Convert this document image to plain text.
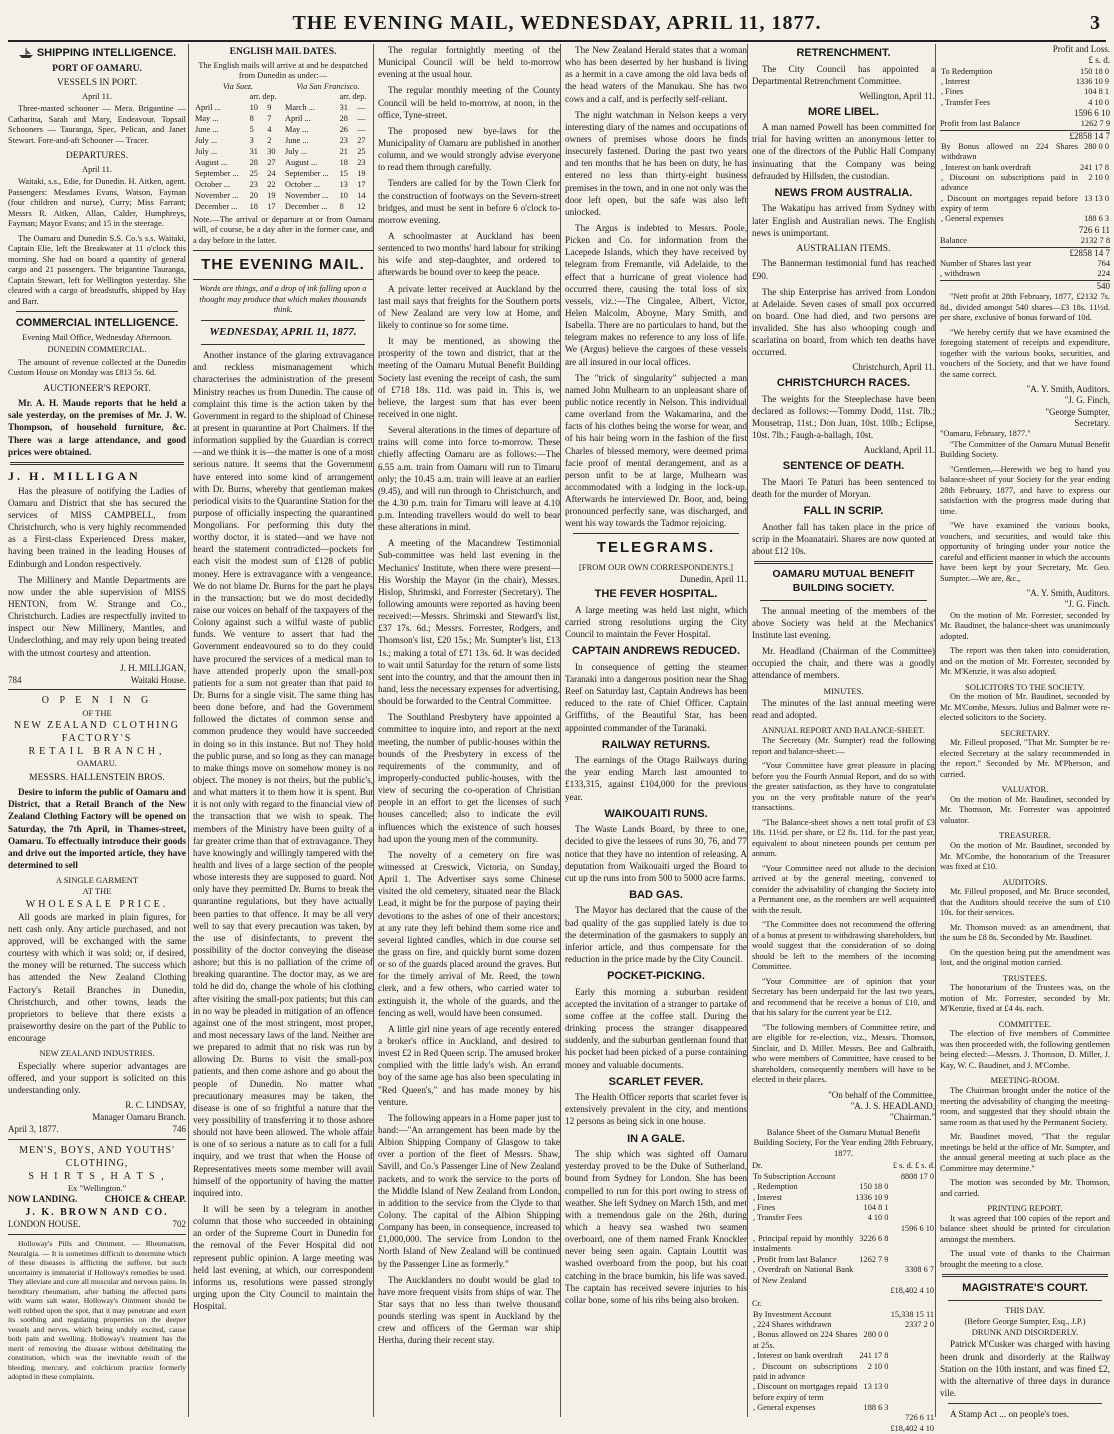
THE EVENING MAIL, WEDNESDAY, APRIL 11, 1877.	3
SHIPPING INTELLIGENCE.
PORT OF OAMARU.
VESSELS IN PORT.
April 11.

Three-masted schooner — Mera. Brigantine — Catharina, Sarah and Mary, Endeavour. Topsail Schooners — Tauranga, Spec, Pelican, and Janet Stewart. Fore-and-aft Schooner — Tracer.

DEPARTURES.
April 11.

Waitaki, s.s., Edie, for Dunedin. H. Aitken, agent. Passengers: Mesdames Evans, Watson, Fayman (four children and nurse), Curry; Miss Farrant; Messrs R. Aitken, Allan, Calder, Humphreys, Fayman; Mayor Evans; and 15 in the steerage.

The Oamaru and Dunedin S.S. Co.'s s.s. Waitaki, Captain Elie, left the Breakwater at 11 o'clock this morning. She had on board a quantity of general cargo and 21 passengers. The brigantine Tauranga, Captain Stewart, left for Wellington yesterday. She cleared with a cargo of breadstuffs, shipped by Hay and Barr.

COMMERCIAL INTELLIGENCE.
Evening Mail Office, Wednesday Afternoon.
DUNEDIN COMMERCIAL.

The amount of revenue collected at the Dunedin Custom House on Monday was £813 5s. 6d.

AUCTIONEER'S REPORT.

Mr. A. H. Maude reports that he held a sale yesterday, on the premises of Mr. J. W. Thompson, of household furniture, &c. There was a large attendance, and good prices were obtained.

J. H. MILLIGAN

Has the pleasure of notifying the Ladies of Oamaru and District that she has secured the services of MISS CAMPBELL, from Christchurch, who is very highly recommended as a First-class Experienced Dress maker, having been trained in the leading Houses of Edinburgh and London respectively.

The Millinery and Mantle Departments are now under the able supervision of MISS HENTON, from W. Strange and Co., Christchurch. Ladies are respectfully invited to inspect our New Millinery, Mantles, and Underclothing, and may rely upon being treated with the utmost courtesy and attention.

J. H. MILLIGAN,
784	Waitaki House.
O P E N I N G
OF THE
NEW ZEALAND CLOTHING FACTORY'S
RETAIL BRANCH,
OAMARU.
MESSRS. HALLENSTEIN BROS.

Desire to inform the public of Oamaru and District, that a Retail Branch of the New Zealand Clothing Factory will be opened on Saturday, the 7th April, in Thames-street, Oamaru. To effectually introduce their goods and drive out the imported article, they have determined to sell

A SINGLE GARMENT
AT THE
WHOLESALE PRICE.

All goods are marked in plain figures, for nett cash only. Any article purchased, and not approved, will be exchanged with the same courtesy with which it was sold; or, if desired, the money will be returned. The success which has attended the New Zealand Clothing Factory's Retail Branches in Dunedin, Christchurch, and other towns, leads the proprietors to believe that there exists a praiseworthy desire on the part of the Public to encourage

NEW ZEALAND INDUSTRIES.

Especially where superior advantages are offered, and your support is solicited on this understanding only.

R. C. LINDSAY,
Manager Oamaru Branch.
April 3, 1877.	746
MEN'S, BOYS, AND YOUTHS' CLOTHING,
S H I R T S , H A T S ,
Ex "Wellington."
NOW LANDING.	CHOICE & CHEAP.
J. K. BROWN AND CO.
LONDON HOUSE.	702

Holloway's Pills and Ointment. — Rheumatism, Neuralgia. — It is sometimes difficult to determine which of these diseases is afflicting the sufferer, but such uncertainty is immaterial if Holloway's remedies be used. They alleviate and cure all muscular and nervous pains. In hereditary rheumatism, after bathing the affected parts with warm salt water, Holloway's Ointment should be well rubbed upon the spot, that it may penetrate and exert its soothing and regulating properties on the deeper vessels and nerves, which being unduly excited, cause both pain and swelling. Holloway's treatment has the merit of removing the disease without debilitating the constitution, which was the inevitable result of the bleeding, mercury, and colchicum practice formerly adopted in these complaints.

ENGLISH MAIL DATES.
The English mails will arrive at and be despatched from Dunedin as under:—
Via Suez.			Via San Francisco.		
	arr. dep.			arr. dep.	
April ...	10	9	March ...	31	—
May ...	8	7	April ...	28	—
June ...	5	4	May ...	26	—
July ...	3	2	June ...	23	27
July ...	31	30	July ...	21	25
August ...	28	27	August ...	18	23
September ...	25	24	September ...	15	19
October ...	23	22	October ...	13	17
November ...	20	19	November ...	10	14
December ...	18	17	December ...	8	12
Note.—The arrival or departure at or from Oamaru will, of course, be a day after in the former case, and a day before in the latter.
THE EVENING MAIL.
Words are things, and a drop of ink falling upon a thought may produce that which makes thousands think.
WEDNESDAY, APRIL 11, 1877.

Another instance of the glaring extravagance and reckless mismanagement which characterises the administration of the present Ministry reaches us from Dunedin. The cause of complaint this time is the action taken by the Government in regard to the shipload of Chinese at present in quarantine at Port Chalmers. If the information supplied by the Guardian is correct—and we think it is—the matter is one of a most serious nature. It seems that the Government have entered into some kind of arrangement with Dr. Burns, whereby that gentleman makes periodical visits to the Quarantine Station for the purpose of officially inspecting the quarantined Mongolians. For performing this duty the worthy doctor, it is stated—and we have not heard the statement contradicted—pockets for each visit the modest sum of £128 of public money. Here is extravagance with a vengeance. We do not blame Dr. Burns for the part he plays in the transaction; but we do most decidedly raise our voices on behalf of the taxpayers of the Colony against such a wilful waste of public funds. We venture to assert that had the Government endeavoured so to do they could have procured the services of a medical man to have attended properly upon the small-pox patients for a sum not greater than that paid to Dr. Burns for a single visit. The same thing has been done before, and had the Government followed the dictates of common sense and common prudence they would have succeeded in doing so in this instance. But no! They hold the public purse, and so long as they can manage to make things move on somehow money is no object. The money is not theirs, but the public's, and what matters it to them how it is spent. But it is not only with regard to the financial view of the transaction that we wish to speak. The members of the Ministry have been guilty of a far greater crime than that of extravagance. They have knowingly and willingly tampered with the health and lives of a large section of the people whose interests they are supposed to guard. Not only have they permitted Dr. Burns to break the quarantine regulations, but they have actually been parties to that offence. It may be all very well to say that every precaution was taken, by the use of disinfectants, to prevent the possibility of the doctor conveying the disease ashore; but this is no palliation of the crime of breaking quarantine. The doctor may, as we are told he did do, change the whole of his clothing after visiting the small-pox patients; but this can in no way be pleaded in mitigation of an offence against one of the most stringent, most proper, and most necessary laws of the land. Neither are we prepared to admit that no risk was run by allowing Dr. Burns to visit the small-pox patients, and then come ashore and go about the people of Dunedin. No matter what precautionary measures may be taken, the disease is one of so frightful a nature that the very possibility of transferring it to those ashore should not have been allowed. The whole affair is one of so serious a nature as to call for a full inquiry, and we trust that when the House of Representatives meets some member will avail himself of the opportunity of having the matter inquired into.

It will be seen by a telegram in another column that those who succeeded in obtaining an order of the Supreme Court in Dunedin for the removal of the Fever Hospital did not represent public opinion. A large meeting was held last evening, at which, our correspondent informs us, resolutions were passed strongly urging upon the City Council to maintain the Hospital.

The regular fortnightly meeting of the Municipal Council will be held to-morrow evening at the usual hour.

The regular monthly meeting of the County Council will be held to-morrow, at noon, in the office, Tyne-street.

The proposed new bye-laws for the Municipality of Oamaru are published in another column, and we would strongly advise everyone to read them through carefully.

Tenders are called for by the Town Clerk for the construction of footways on the Severn-street bridges, and must be sent in before 6 o'clock to-morrow evening.

A schoolmaster at Auckland has been sentenced to two months' hard labour for striking his wife and step-daughter, and ordered to afterwards be bound over to keep the peace.

A private letter received at Auckland by the last mail says that freights for the Southern ports of New Zealand are very low at Home, and likely to continue so for some time.

It may be mentioned, as showing the prosperity of the town and district, that at the meeting of the Oamaru Mutual Benefit Building Society last evening the receipt of cash, the sum of £718 18s. 11d. was paid in. This is, we believe, the largest sum that has ever been received in one night.

Several alterations in the times of departure of trains will come into force to-morrow. These chiefly affecting Oamaru are as follows:—The 6.55 a.m. train from Oamaru will run to Timaru only; the 10.45 a.m. train will leave at an earlier (9.45), and will run through to Christchurch, and the 4.30 p.m. train for Timaru will leave at 4.10 p.m. Intending travellers would do well to bear these alterations in mind.

A meeting of the Macandrew Testimonial Sub-committee was held last evening in the Mechanics' Institute, when there were present—His Worship the Mayor (in the chair), Messrs. Hislop, Shrimski, and Forrester (Secretary). The following amounts were reported as having been received:—Messrs. Shrimski and Steward's list, £37 17s. 6d.; Messrs. Forrester, Rodgers, and Thomson's list, £20 15s.; Mr. Sumpter's list, £13 1s.; making a total of £71 13s. 6d. It was decided to wait until Saturday for the return of some lists sent into the country, and that the amount then in hand, less the necessary expenses for advertising, should be forwarded to the Central Committee.

The Southland Presbytery have appointed a committee to inquire into, and report at the next meeting, the number of public-houses within the bounds of the Presbytery in excess of the requirements of the community, and of improperly-conducted public-houses, with the view of securing the co-operation of Christian people in an effort to get the licenses of such houses cancelled; also to indicate the evil influences which the existence of such houses had upon the young men of the community.

The novelty of a cemetery on fire was witnessed at Creswick, Victoria, on Sunday, April 1. The Advertiser says some Chinese visited the old cemetery, situated near the Black Lead, it might be for the purpose of paying their devotions to the ashes of one of their ancestors; at any rate they left behind them some rice and several lighted candles, which in due course set the grass on fire, and quickly burnt some dozen or so of the guards placed around the graves. But for the timely arrival of Mr. Reed, the town clerk, and a few others, who carried water to extinguish it, the whole of the guards, and the fencing as well, would have been consumed.

A little girl nine years of age recently entered a broker's office in Auckland, and desired to invest £2 in Red Queen scrip. The amused broker complied with the little lady's wish. An errand boy of the same age has also been speculating in "Red Queen's," and has made money by his venture.

The following appears in a Home paper just to hand:—"An arrangement has been made by the Albion Shipping Company of Glasgow to take over a portion of the fleet of Messrs. Shaw, Savill, and Co.'s Passenger Line of New Zealand packets, and to work the service to the ports of the Middle Island of New Zealand from London, in addition to the service from the Clyde to that Colony. The capital of the Albion Shipping Company has been, in consequence, increased to £1,000,000. The service from London to the North Island of New Zealand will be continued by the Passenger Line as formerly."

The Aucklanders no doubt would be glad to have more frequent visits from ships of war. The Star says that no less than twelve thousand pounds sterling was spent in Auckland by the crew and officers of the German war ship Hertha, during their recent stay.

The New Zealand Herald states that a woman who has been deserted by her husband is living as a hermit in a cave among the old lava beds of the head waters of the Manukau. She has two cows and a calf, and is perfectly self-reliant.

The night watchman in Nelson keeps a very interesting diary of the names and occupations of owners of premises whose doors he finds insecurely fastened. During the past two years and ten months that he has been on duty, he has entered no less than thirty-eight business premises in the town, and in one not only was the door left open, but the safe was also left unlocked.

The Argus is indebted to Messrs. Poole, Picken and Co. for information from the Lacepede Islands, which they have received by telegram from Fremantle, viâ Adelaide, to the effect that a hurricane of great violence had occurred there, causing the total loss of six vessels, viz.:—The Cingalee, Albert, Victor, Helen Malcolm, Aboyne, Mary Smith, and Isabella. There are no particulars to hand, but the telegram makes no reference to any loss of life. We (Argus) believe the cargoes of these vessels are all insured in our local offices.

The "trick of singularity" subjected a man named John Mulhearn to an unpleasant share of public notice recently in Nelson. This individual came overland from the Wakamarina, and the facts of his clothes being the worse for wear, and of his hair being worn in the fashion of the first Charles of blessed memory, were deemed prima facie proof of mental derangement, and as a person unfit to be at large, Mulhearn was accommodated with a lodging in the lock-up. Afterwards he interviewed Dr. Boor, and, being pronounced perfectly sane, was discharged, and went his way towards the Tadmor rejoicing.

TELEGRAMS.
[FROM OUR OWN CORRESPONDENTS.]
Dunedin, April 11.
THE FEVER HOSPITAL.

A large meeting was held last night, which carried strong resolutions urging the City Council to maintain the Fever Hospital.

CAPTAIN ANDREWS REDUCED.

In consequence of getting the steamer Taranaki into a dangerous position near the Shag Reef on Saturday last, Captain Andrews has been reduced to the rate of Chief Officer. Captain Griffiths, of the Beautiful Star, has been appointed commander of the Taranaki.

RAILWAY RETURNS.

The earnings of the Otago Railways during the year ending March last amounted to £133,315, against £104,000 for the previous year.

WAIKOUAITI RUNS.

The Waste Lands Board, by three to one, decided to give the lessees of runs 30, 76, and 77 notice that they have no intention of releasing. A deputation from Waikouaiti urged the Board to cut up the runs into from 500 to 5000 acre farms.

BAD GAS.

The Mayor has declared that the cause of the bad quality of the gas supplied lately is due to the determination of the gasmakers to supply an inferior article, and thus compensate for the reduction in the price made by the City Council.

POCKET-PICKING.

Early this morning a suburban resident accepted the invitation of a stranger to partake of some coffee at the coffee stall. During the drinking process the stranger disappeared suddenly, and the suburban gentleman found that his pocket had been picked of a purse containing money and valuable documents.

SCARLET FEVER.

The Health Officer reports that scarlet fever is extensively prevalent in the city, and mentions 12 persons as being sick in one house.

IN A GALE.

The ship which was sighted off Oamaru yesterday proved to be the Duke of Sutherland, bound from Sydney for London. She has been compelled to run for this port owing to stress of weather. She left Sydney on March 15th, and met with a tremendous gale on the 26th, during which a heavy sea washed two seamen overboard, one of them named Frank Knockler never being seen again. Captain Louttit was washed overboard from the poop, but his coat catching in the brace bumkin, his life was saved. The captain has received severe injuries to his collar bone, some of his ribs being also broken.

RETRENCHMENT.

The City Council has appointed a Departmental Retrenchment Committee.

Wellington, April 11.
MORE LIBEL.

A man named Powell has been committed for trial for having written an anonymous letter to one of the directors of the Public Hall Company insinuating that the Company was being defrauded by Hillsden, the custodian.

NEWS FROM AUSTRALIA.

The Wakatipu has arrived from Sydney with later English and Australian news. The English news is unimportant.

AUSTRALIAN ITEMS.

The Bannerman testimonial fund has reached £90.

The ship Enterprise has arrived from London at Adelaide. Seven cases of small pox occurred on board. One had died, and two persons are invalided. She has also whooping cough and scarlatina on board, from which ten deaths have occurred.

Christchurch, April 11.
CHRISTCHURCH RACES.

The weights for the Steeplechase have been declared as follows:—Tommy Dodd, 11st. 7lb.; Mousetrap, 11st.; Don Juan, 10st. 10lb.; Eclipse, 10st. 7lb.; Faugh-a-ballagh, 10st.

Auckland, April 11.
SENTENCE OF DEATH.

The Maori Te Paturi has been sentenced to death for the murder of Moryan.

FALL IN SCRIP.

Another fall has taken place in the price of scrip in the Moanatairi. Shares are now quoted at about £12 10s.

OAMARU MUTUAL BENEFIT BUILDING SOCIETY.

The annual meeting of the members of the above Society was held at the Mechanics' Institute last evening.

Mr. Headland (Chairman of the Committee) occupied the chair, and there was a goodly attendance of members.

MINUTES.

The minutes of the last annual meeting were read and adopted.

ANNUAL REPORT AND BALANCE-SHEET.

The Secretary (Mr. Sumpter) read the following report and balance-sheet:—

"Your Committee have great pleasure in placing before you the Fourth Annual Report, and do so with the greater satisfaction, as they have to congratulate you on the very profitable nature of the year's transactions.

"The Balance-sheet shows a nett total profit of £3 18s. 11½d. per share, or £2 8s. 11d. for the past year, equivalent to about nineteen pounds per centum per annum.

"Your Committee need not allude to the decision arrived at by the general meeting, convened to consider the advisability of changing the Society into a Permanent one, as the members are well acquainted with the result.

"The Committee does not recommend the offering of a bonus at present to withdrawing shareholders, but would suggest that the consideration of so doing should be left to the members of the incoming Committee.

"Your Committee are of opinion that your Secretary has been underpaid for the last two years, and recommend that he receive a bonus of £10, and that his salary for the current year be £12.

"The following members of Committee retire, and are eligible for re-election, viz., Messrs. Thomson, Sinclair, and D. Miller. Messrs. Bee and Galbraith, who were members of Committee, have ceased to be shareholders, consequently members will have to be elected in their places.

"On behalf of the Committee,
"A. J. S. HEADLAND,
"Chairman."
Balance Sheet of the Oamaru Mutual Benefit Building Society, For the Year ending 28th February, 1877.
Dr.	£ s. d. £ s. d.
To Subscription Account		8808 17 0
, Redemption	150 18 0	
, Interest	1336 10 9	
, Fines	104 8 1	
, Transfer Fees	4 10 0	
		1596 6 10
, Principal repaid by monthly instalments	3226 6 8	
, Profit from last Balance	1262 7 9	
, Overdraft on National Bank of New Zealand		3308 6 7
		£18,402 4 10
Cr.
By Investment Account		15,338 15 11
, 224 Shares withdrawn		2337 2 0
, Bonus allowed on 224 Shares at 25s.	280 0 0	
, Interest on bank overdraft	241 17 8	
, Discount on subscriptions paid in advance	2 10 0	
, Discount on mortgages repaid before expiry of term	13 13 0	
, General expenses	188 6 3	
		726 6 11
		£18,402 4 10
Profit and Loss.
£ s. d.
To Redemption	150 18 0
, Interest	1336 10 9
, Fines	104 8 1
, Transfer Fees	4 10 0
1596 6 10
Profit from last Balance	1262 7 9
£2858 14 7
By Bonus allowed on 224 Shares withdrawn	280 0 0
, Interest on bank overdraft	241 17 8
, Discount on subscriptions paid in advance	2 10 0
, Discount on mortgages repaid before expiry of term	13 13 0
, General expenses	188 6 3
726 6 11
Balance	2132 7 8
£2858 14 7
Number of Shares last year	764
, withdrawn	224
540

"Nett profit at 28th February, 1877, £2132 7s. 8d., divided amongst 540 shares—£3 18s. 11½d. per share, exclusive of bonus forward of 10d.

"We hereby certify that we have examined the foregoing statement of receipts and expenditure, together with the various books, securities, and vouchers of the Society, and that we have found the same correct.

"A. Y. Smith, Auditors.
"J. G. Finch,
"George Sumpter,
Secretary.
"Oamaru, February, 1877."

"The Committee of the Oamaru Mutual Benefit Building Society.

"Gentlemen,—Herewith we beg to hand you balance-sheet of your Society for the year ending 28th February, 1877, and have to express our satisfaction with the progress made during that time.

"We have examined the various books, vouchers, and securities, and would take this opportunity of bringing under your notice the careful and efficient manner in which the accounts have been kept by your Secretary, Mr. Geo. Sumpter.—We are, &c.,

"A. Y. Smith, Auditors.
"J. G. Finch.

On the motion of Mr. Forrester, seconded by Mr. Baudinet, the balance-sheet was unanimously adopted.

The report was then taken into consideration, and on the motion of Mr. Forrester, seconded by Mr. M'Kenzie, it was also adopted.

SOLICITORS TO THE SOCIETY.

On the motion of Mr. Baudinet, seconded by Mr. M'Combe, Messrs. Julius and Balmer were re-elected solicitors to the Society.

SECRETARY.

Mr. Filleul proposed, "That Mr. Sumpter be re-elected Secretary at the salary recommended in the report." Seconded by Mr. M'Pherson, and carried.

VALUATOR.

On the motion of Mr. Baudinet, seconded by Mr. Thomson, Mr. Forrester was appointed valuator.

TREASURER.

On the motion of Mr. Baudinet, seconded by Mr. M'Combe, the honorarium of the Treasurer was fixed at £10.

AUDITORS.

Mr. Filleul proposed, and Mr. Bruce seconded, that the Auditors should receive the sum of £10 10s. for their services.

Mr. Thomson moved: as an amendment, that the sum be £8 8s. Seconded by Mr. Baudinet.

On the question being put the amendment was lost, and the original motion carried.

TRUSTEES.

The honorarium of the Trustees was, on the motion of Mr. Forrester, seconded by Mr. M'Kenzie, fixed at £4 4s. each.

COMMITTEE.

The election of five members of Committee was then proceeded with, the following gentlemen being elected:—Messrs. J. Thomson, D. Miller, J. Kay, W. C. Baudinet, and J. M'Combe.

MEETING-ROOM.

The Chairman brought under the notice of the meeting the advisability of changing the meeting-room, and suggested that they should obtain the same room as that used by the Permanent Society.

Mr. Baudinet moved, "That the regular meetings be held at the office of Mr. Sumpter, and the annual general meeting at such place as the Committee may determine."

The motion was seconded by Mr. Thomson, and carried.

PRINTING REPORT.

It was agreed that 100 copies of the report and balance sheet should be printed for circulation amongst the members.

The usual vote of thanks to the Chairman brought the meeting to a close.

MAGISTRATE'S COURT.
THIS DAY.
(Before George Sumpter, Esq., J.P.)
DRUNK AND DISORDERLY.

Patrick M'Cusker was charged with having been drunk and disorderly at the Railway Station on the 10th instant, and was fined £2, with the alternative of three days in durance vile.

A Stamp Act ... on people's toes.
